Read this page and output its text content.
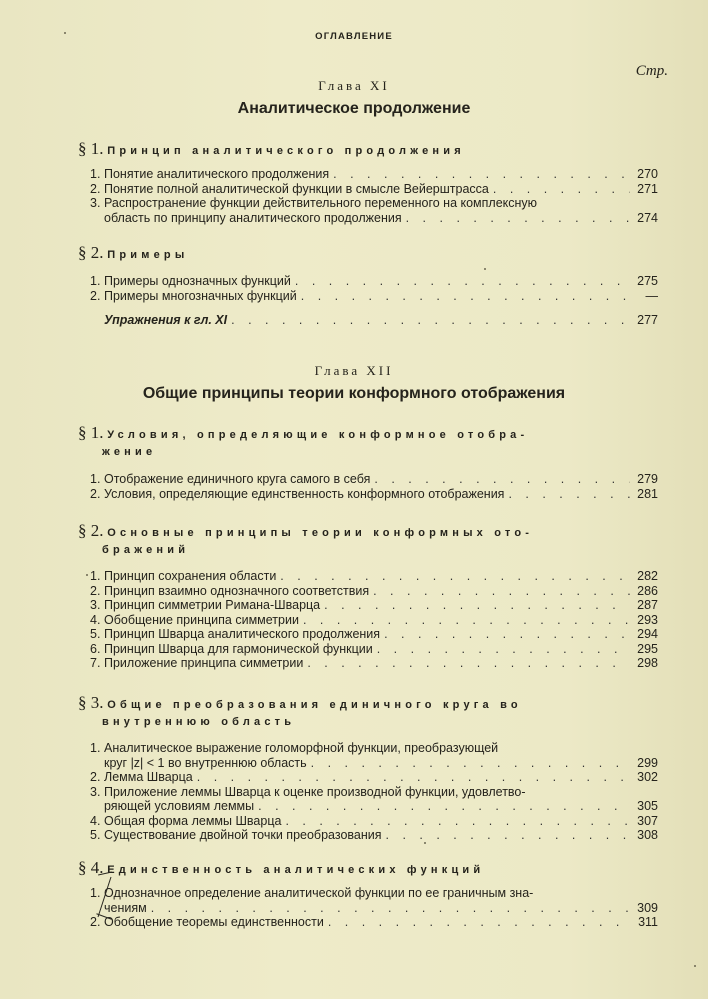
ОГЛАВЛЕНИЕ
Стр.
Глава XI
Аналитическое продолжение
§ 1. Принцип аналитического продолжения
1. Понятие аналитического продолжения . . .	270
2. Понятие полной аналитической функции в смысле Вейерштрасса . . .	271
3. Распространение функции действительного переменного на комплексную
область по принципу аналитического продолжения . . .	274
§ 2. Примеры
1. Примеры однозначных функций . . .	275
2. Примеры многозначных функций . . .	—
Упражнения к гл. XI . . .	277
Глава XII
Общие принципы теории конформного отображения
§ 1. Условия, определяющие конформное отобра-
жение
1. Отображение единичного круга самого в себя . . .	279
2. Условия, определяющие единственность конформного отображения . . .	281
§ 2. Основные принципы теории конформных ото-
бражений
1. Принцип сохранения области . . .	282
2. Принцип взаимно однозначного соответствия . . .	286
3. Принцип симметрии Римана-Шварца . . .	287
4. Обобщение принципа симметрии . . .	293
5. Принцип Шварца аналитического продолжения . . .	294
6. Принцип Шварца для гармонической функции . . .	295
7. Приложение принципа симметрии . . .	298
§ 3. Общие преобразования единичного круга во
внутреннюю область
1. Аналитическое выражение голоморфной функции, преобразующей
круг |z| < 1 во внутреннюю область . . .	299
2. Лемма Шварца . . .	302
3. Приложение леммы Шварца к оценке производной функции, удовлетво-
ряющей условиям леммы . . .	305
4. Общая форма леммы Шварца . . .	307
5. Существование двойной точки преобразования . . .	308
§ 4. Единственность аналитических функций
1. Однозначное определение аналитической функции по ее граничным зна-
чениям . . .	309
2. Обобщение теоремы единственности . . .	311
